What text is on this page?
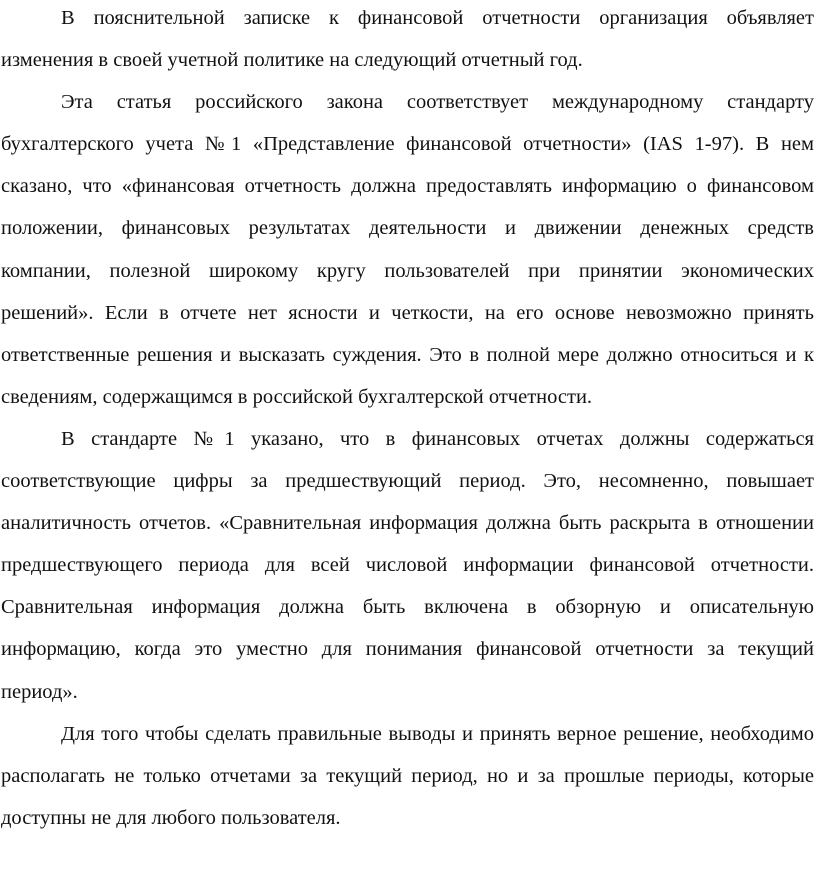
В пояснительной записке к финансовой отчетности организация объявляет изменения в своей учетной политике на следующий отчетный год.

Эта статья российского закона соответствует международному стандарту бухгалтерского учета №1 «Представление финансовой отчетности» (IAS 1-97). В нем сказано, что «финансовая отчетность должна предоставлять информацию о финансовом положении, финансовых результатах деятельности и движении денежных средств компании, полезной широкому кругу пользователей при принятии экономических решений». Если в отчете нет ясности и четкости, на его основе невозможно принять ответственные решения и высказать суждения. Это в полной мере должно относиться и к сведениям, содержащимся в российской бухгалтерской отчетности.

В стандарте №1 указано, что в финансовых отчетах должны содержаться соответствующие цифры за предшествующий период. Это, несомненно, повышает аналитичность отчетов. «Сравнительная информация должна быть раскрыта в отношении предшествующего периода для всей числовой информации финансовой отчетности. Сравнительная информация должна быть включена в обзорную и описательную информацию, когда это уместно для понимания финансовой отчетности за текущий период».

Для того чтобы сделать правильные выводы и принять верное решение, необходимо располагать не только отчетами за текущий период, но и за прошлые периоды, которые доступны не для любого пользователя.
